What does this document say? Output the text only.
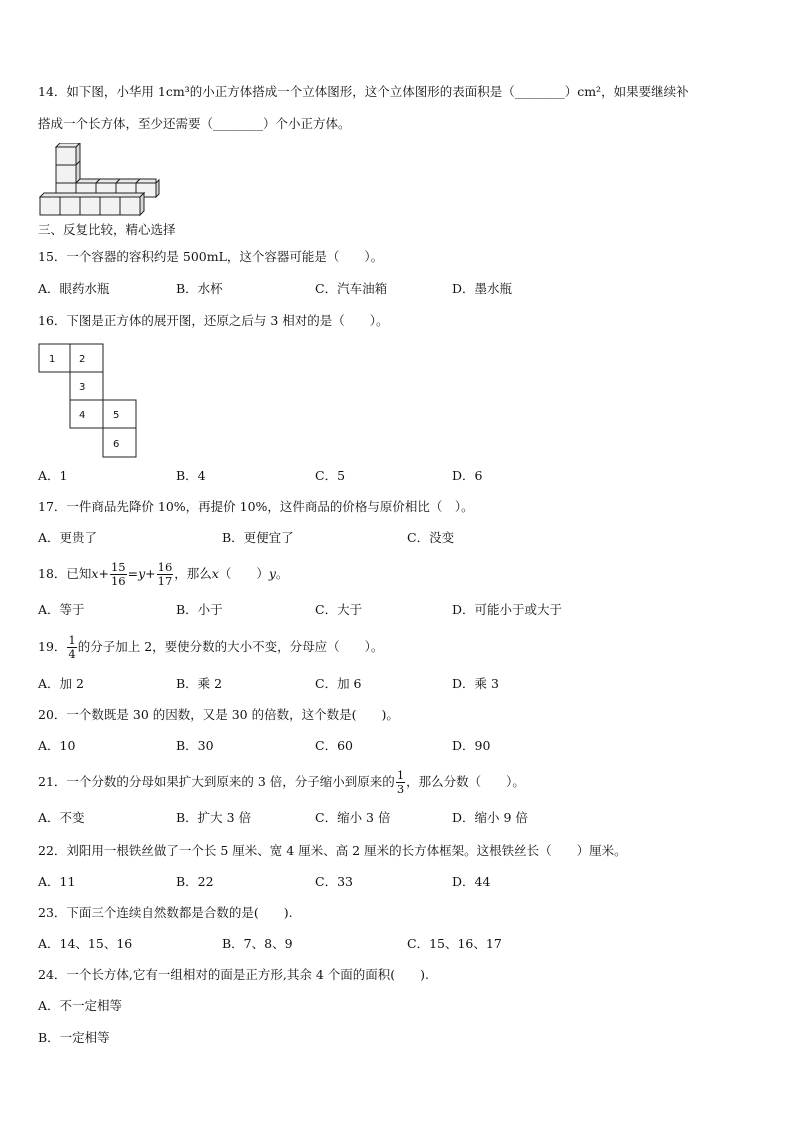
14．如下图，小华用 1cm³的小正方体搭成一个立体图形，这个立体图形的表面积是（________）cm²，如果要继续补
搭成一个长方体，至少还需要（________）个小正方体。
三、反复比较，精心选择
15．一个容器的容积约是 500mL，这个容器可能是（　　）。
A．眼药水瓶	B．水杯	C．汽车油箱	D．墨水瓶
16．下图是正方体的展开图，还原之后与 3 相对的是（　　）。
1 2
3
4	5
6
A．1	B．4	C．5	D．6
17．一件商品先降价 10%，再提价 10%，这件商品的价格与原价相比（　）。
A．更贵了	B．更便宜了	C．没变
18．已知$x+ \frac{15}{16} =y+ \frac{16}{17}$ ，那么x（　　）y。
A．等于	B．小于	C．大于	D．可能小于或大于
19． $\frac{1}{4}$ 的分子加上 2，要使分数的大小不变，分母应（　　）。
A．加 2	B．乘 2	C．加 6	D．乘 3
20．一个数既是 30 的因数，又是 30 的倍数，这个数是(　　)。
A．10	B．30	C．60	D．90
21．一个分数的分母如果扩大到原来的 3 倍，分子缩小到原来的 $\frac{1}{3}$ ，那么分数（　　）。
A．不变	B．扩大 3 倍	C．缩小 3 倍	D．缩小 9 倍
22．刘阳用一根铁丝做了一个长 5 厘米、宽 4 厘米、高 2 厘米的长方体框架。这根铁丝长（　　）厘米。
A．11	B．22	C．33	D．44
23．下面三个连续自然数都是合数的是(　　).
A．14、15、16	B．7、8、9	C．15、16、17
24．一个长方体,它有一组相对的面是正方形,其余 4 个面的面积(　　).
A．不一定相等
B．一定相等
